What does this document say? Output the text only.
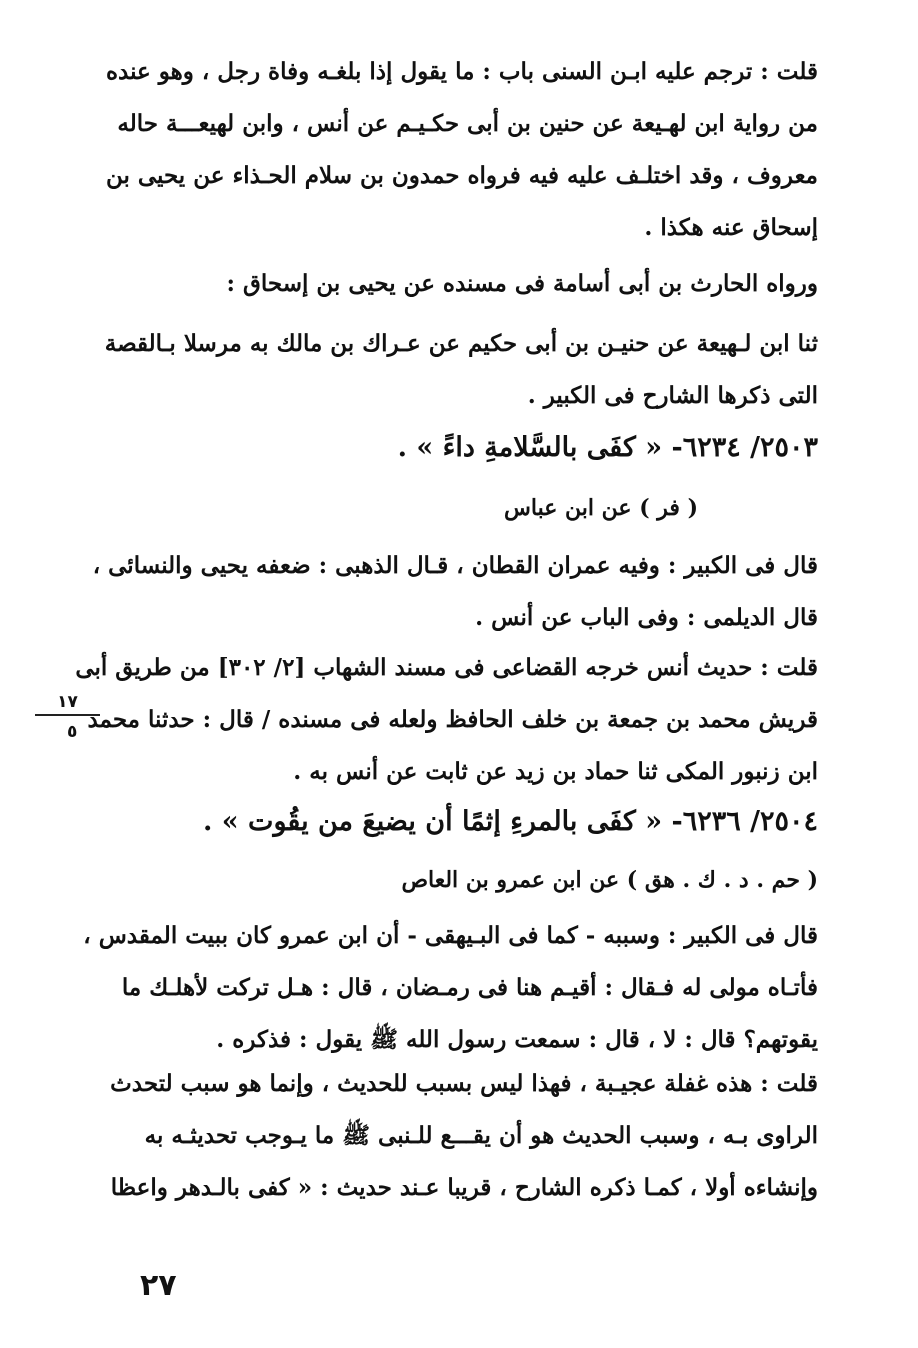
قلت : ترجم عليه ابـن السنى باب : ما يقول إذا بلغـه وفاة رجل ، وهو عنده
من رواية ابن لهـيعة عن حنين بن أبى حكـيـم عن أنس ، وابن لهيعـــة حاله
معروف ، وقد اختلـف عليه فيه فرواه حمدون بن سلام الحـذاء عن يحيى بن
إسحاق عنه هكذا .
ورواه الحارث بن أبى أسامة فى مسنده عن يحيى بن إسحاق :
ثنا ابن لـهيعة عن حنيـن بن أبى حكيم عن عـراك بن مالك به مرسلا بـالقصة
التى ذكرها الشارح فى الكبير .
٢٥٠٣/ ٦٢٣٤- « كفَى بالسَّلامةِ داءً » .
( فر ) عن ابن عباس
قال فى الكبير : وفيه عمران القطان ، قـال الذهبى : ضعفه يحيى والنسائى ،
قال الديلمى : وفى الباب عن أنس .
قلت : حديث أنس خرجه القضاعى فى مسند الشهاب [٢/ ٣٠٢] من طريق أبى
قريش محمد بن جمعة بن خلف الحافظ ولعله فى مسنده / قال : حدثنا محمد
ابن زنبور المكى ثنا حماد بن زيد عن ثابت عن أنس به .
١٧
٥
٢٥٠٤/ ٦٢٣٦- « كفَى بالمرءِ إثمًا أن يضيعَ من يقُوت » .
( حم . د . ك . هق ) عن ابن عمرو بن العاص
قال فى الكبير : وسببه - كما فى البـيهقى - أن ابن عمرو كان ببيت المقدس ،
فأتـاه مولى له فـقال : أقيـم هنا فى رمـضان ، قال : هـل تركت لأهلـك ما
يقوتهم؟ قال : لا ، قال : سمعت رسول الله ﷺ يقول : فذكره .
قلت : هذه غفلة عجيـبة ، فهذا ليس بسبب للحديث ، وإنما هو سبب لتحدث
الراوى بـه ، وسبب الحديث هو أن يقـــع للـنبى ﷺ ما يـوجب تحديثـه به
وإنشاءه أولا ، كمـا ذكره الشارح ، قريبا عـند حديث : « كفى بالـدهر واعظا
٢٧
